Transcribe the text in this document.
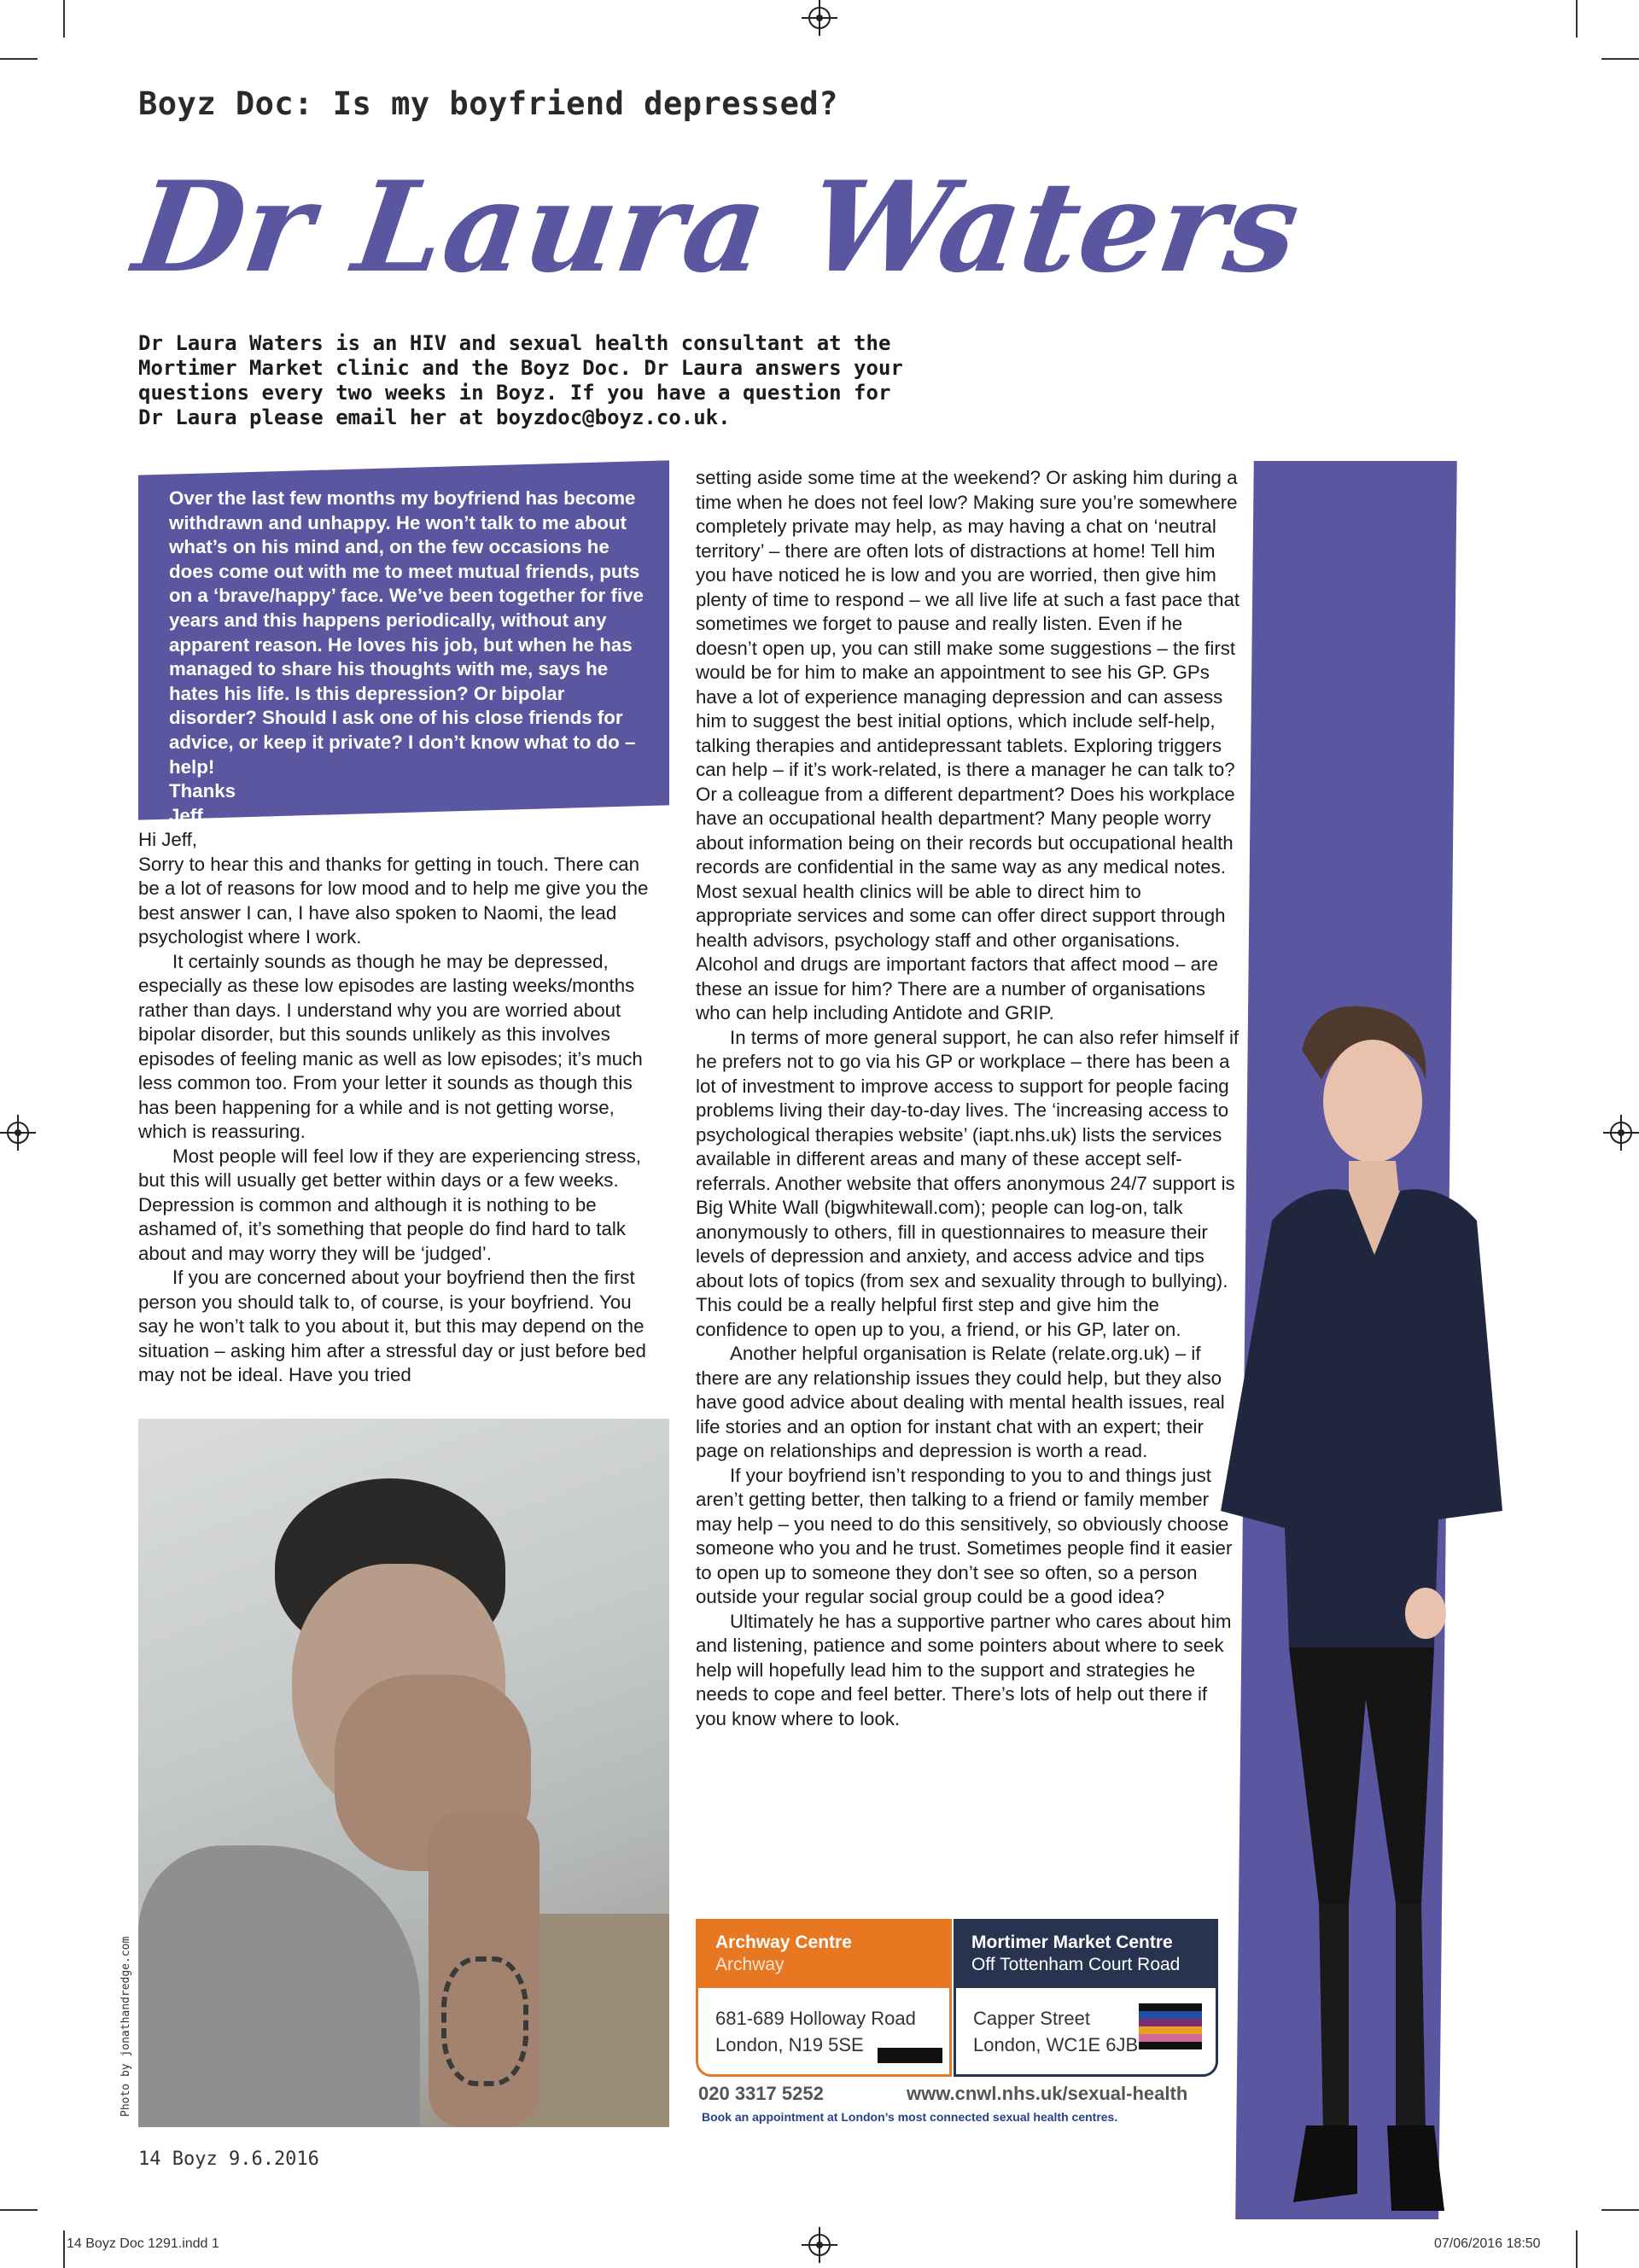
Boyz Doc: Is my boyfriend depressed?
Dr Laura Waters
Dr Laura Waters is an HIV and sexual health consultant at the Mortimer Market clinic and the Boyz Doc. Dr Laura answers your questions every two weeks in Boyz. If you have a question for Dr Laura please email her at boyzdoc@boyz.co.uk.

Over the last few months my boyfriend has become withdrawn and unhappy. He won’t talk to me about what’s on his mind and, on the few occasions he does come out with me to meet mutual friends, puts on a ‘brave/happy’ face. We’ve been together for five years and this happens periodically, without any apparent reason. He loves his job, but when he has managed to share his thoughts with me, says he hates his life. Is this depression? Or bipolar disorder? Should I ask one of his close friends for advice, or keep it private? I don’t know what to do – help!

Thanks

Jeff

Hi Jeff,

Sorry to hear this and thanks for getting in touch. There can be a lot of reasons for low mood and to help me give you the best answer I can, I have also spoken to Naomi, the lead psychologist where I work.

It certainly sounds as though he may be depressed, especially as these low episodes are lasting weeks/months rather than days. I understand why you are worried about bipolar disorder, but this sounds unlikely as this involves episodes of feeling manic as well as low episodes; it’s much less common too. From your letter it sounds as though this has been happening for a while and is not getting worse, which is reassuring.

Most people will feel low if they are experiencing stress, but this will usually get better within days or a few weeks. Depression is common and although it is nothing to be ashamed of, it’s something that people do find hard to talk about and may worry they will be ‘judged’.

If you are concerned about your boyfriend then the first person you should talk to, of course, is your boyfriend. You say he won’t talk to you about it, but this may depend on the situation – asking him after a stressful day or just before bed may not be ideal. Have you tried

setting aside some time at the weekend? Or asking him during a time when he does not feel low? Making sure you’re somewhere completely private may help, as may having a chat on ‘neutral territory’ – there are often lots of distractions at home! Tell him you have noticed he is low and you are worried, then give him plenty of time to respond – we all live life at such a fast pace that sometimes we forget to pause and really listen. Even if he doesn’t open up, you can still make some suggestions – the first would be for him to make an appointment to see his GP. GPs have a lot of experience managing depression and can assess him to suggest the best initial options, which include self-help, talking therapies and antidepressant tablets. Exploring triggers can help – if it’s work-related, is there a manager he can talk to? Or a colleague from a different department? Does his workplace have an occupational health department? Many people worry about information being on their records but occupational health records are confidential in the same way as any medical notes. Most sexual health clinics will be able to direct him to appropriate services and some can offer direct support through health advisors, psychology staff and other organisations. Alcohol and drugs are important factors that affect mood – are these an issue for him? There are a number of organisations who can help including Antidote and GRIP.

In terms of more general support, he can also refer himself if he prefers not to go via his GP or workplace – there has been a lot of investment to improve access to support for people facing problems living their day-to-day lives. The ‘increasing access to psychological therapies website’ (iapt.nhs.uk) lists the services available in different areas and many of these accept self-referrals. Another website that offers anonymous 24/7 support is Big White Wall (bigwhitewall.com); people can log-on, talk anonymously to others, fill in questionnaires to measure their levels of depression and anxiety, and access advice and tips about lots of topics (from sex and sexuality through to bullying). This could be a really helpful first step and give him the confidence to open up to you, a friend, or his GP, later on.

Another helpful organisation is Relate (relate.org.uk) – if there are any relationship issues they could help, but they also have good advice about dealing with mental health issues, real life stories and an option for instant chat with an expert; their page on relationships and depression is worth a read.

If your boyfriend isn’t responding to you to and things just aren’t getting better, then talking to a friend or family member may help – you need to do this sensitively, so obviously choose someone who you and he trust. Sometimes people find it easier to open up to someone they don’t see so often, so a person outside your regular social group could be a good idea?

Ultimately he has a supportive partner who cares about him and listening, patience and some pointers about where to seek help will hopefully lead him to the support and strategies he needs to cope and feel better. There’s lots of help out there if you know where to look.

Photo by jonathandredge.com	Archway Centre
Archway
681-689 Holloway Road
London, N19 5SE
Mortimer Market Centre
Off Tottenham Court Road
Capper Street
London, WC1E 6JB
020 3317 5252	www.cnwl.nhs.uk/sexual-health
Book an appointment at London’s most connected sexual health centres.
14 Boyz 9.6.2016
14 Boyz Doc 1291.indd 1	07/06/2016 18:50
